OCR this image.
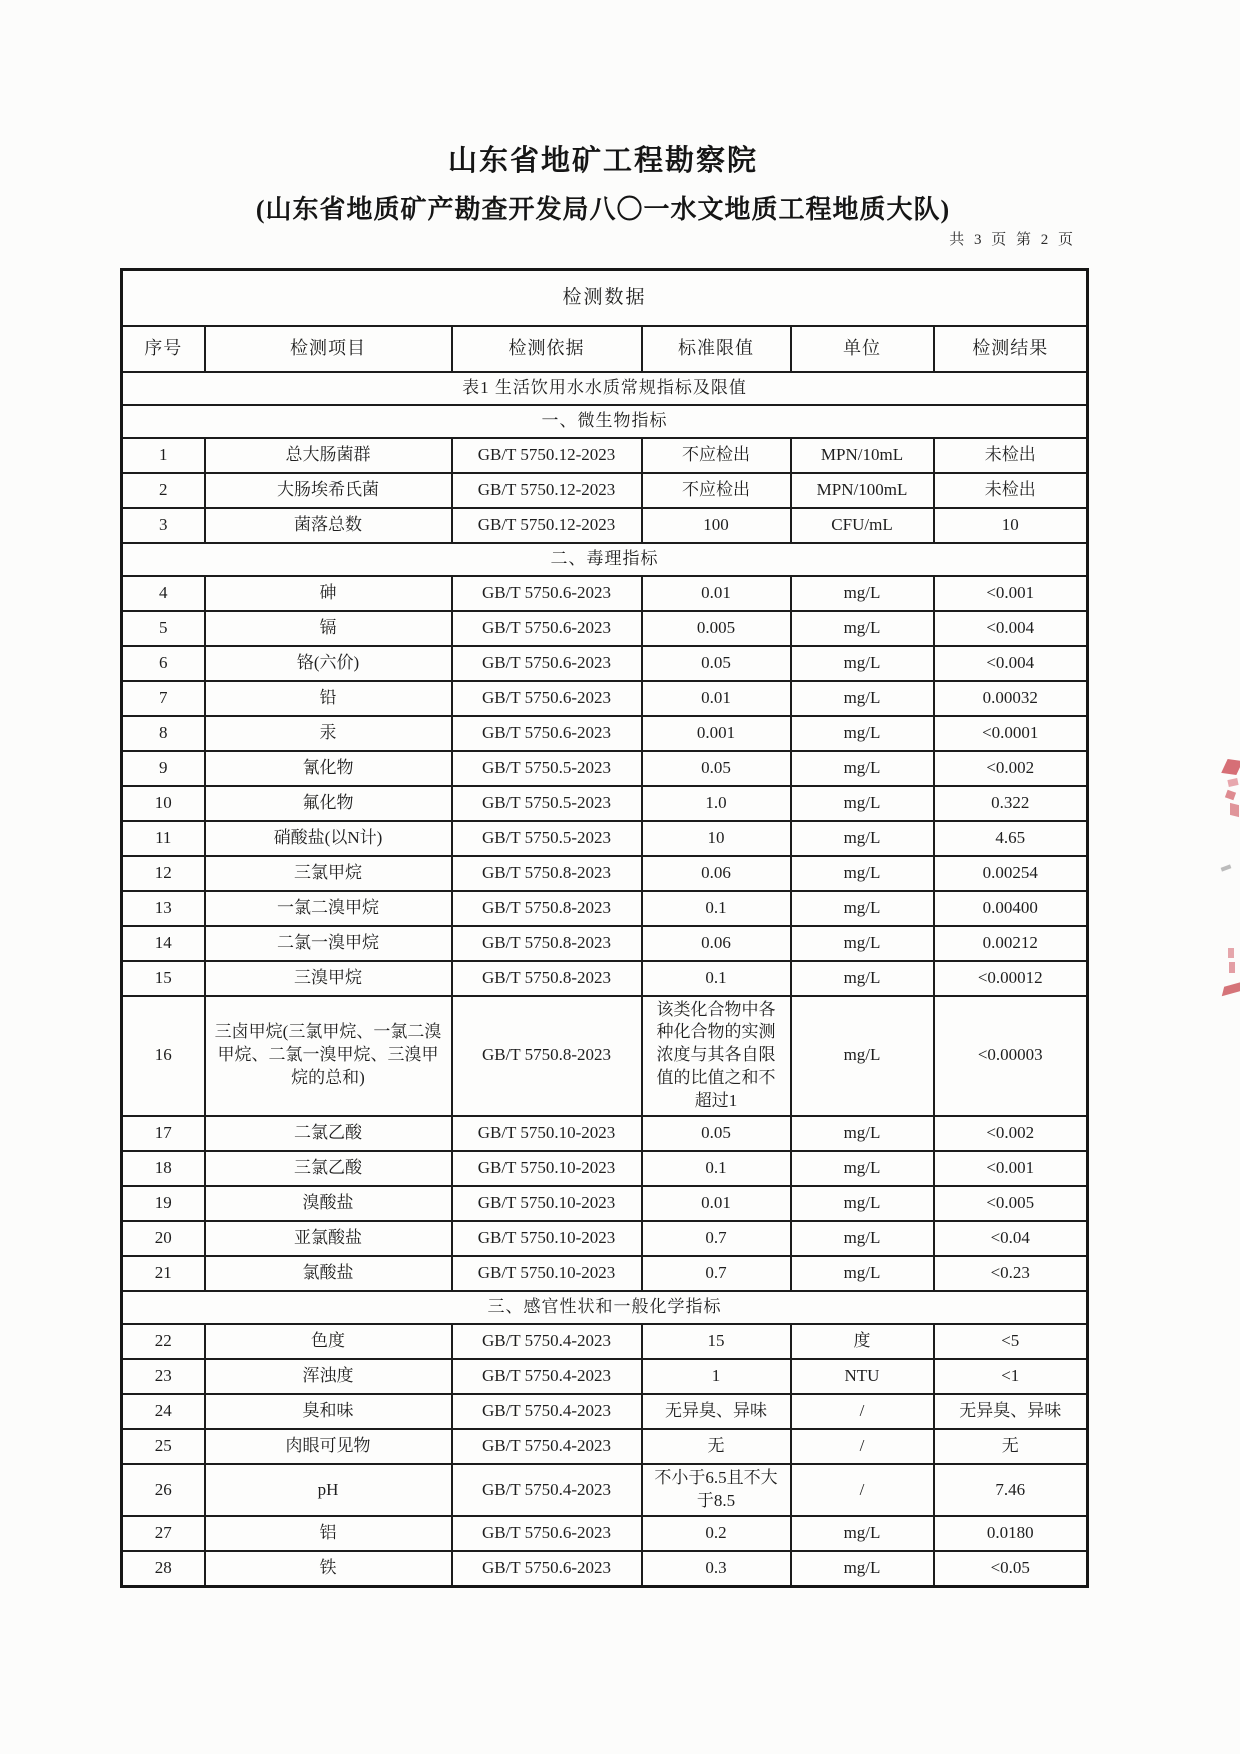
山东省地矿工程勘察院
(山东省地质矿产勘查开发局八〇一水文地质工程地质大队)
共 3 页 第 2 页
检测数据					
序号	检测项目	检测依据	标准限值	单位	检测结果
表1 生活饮用水水质常规指标及限值					
一、微生物指标					
1	总大肠菌群	GB/T 5750.12-2023	不应检出	MPN/10mL	未检出
2	大肠埃希氏菌	GB/T 5750.12-2023	不应检出	MPN/100mL	未检出
3	菌落总数	GB/T 5750.12-2023	100	CFU/mL	10
二、毒理指标					
4	砷	GB/T 5750.6-2023	0.01	mg/L	<0.001
5	镉	GB/T 5750.6-2023	0.005	mg/L	<0.004
6	铬(六价)	GB/T 5750.6-2023	0.05	mg/L	<0.004
7	铅	GB/T 5750.6-2023	0.01	mg/L	0.00032
8	汞	GB/T 5750.6-2023	0.001	mg/L	<0.0001
9	氰化物	GB/T 5750.5-2023	0.05	mg/L	<0.002
10	氟化物	GB/T 5750.5-2023	1.0	mg/L	0.322
11	硝酸盐(以N计)	GB/T 5750.5-2023	10	mg/L	4.65
12	三氯甲烷	GB/T 5750.8-2023	0.06	mg/L	0.00254
13	一氯二溴甲烷	GB/T 5750.8-2023	0.1	mg/L	0.00400
14	二氯一溴甲烷	GB/T 5750.8-2023	0.06	mg/L	0.00212
15	三溴甲烷	GB/T 5750.8-2023	0.1	mg/L	<0.00012
16	三卤甲烷(三氯甲烷、一氯二溴甲烷、二氯一溴甲烷、三溴甲烷的总和)	GB/T 5750.8-2023	该类化合物中各种化合物的实测浓度与其各自限值的比值之和不超过1	mg/L	<0.00003
17	二氯乙酸	GB/T 5750.10-2023	0.05	mg/L	<0.002
18	三氯乙酸	GB/T 5750.10-2023	0.1	mg/L	<0.001
19	溴酸盐	GB/T 5750.10-2023	0.01	mg/L	<0.005
20	亚氯酸盐	GB/T 5750.10-2023	0.7	mg/L	<0.04
21	氯酸盐	GB/T 5750.10-2023	0.7	mg/L	<0.23
三、感官性状和一般化学指标					
22	色度	GB/T 5750.4-2023	15	度	<5
23	浑浊度	GB/T 5750.4-2023	1	NTU	<1
24	臭和味	GB/T 5750.4-2023	无异臭、异味	/	无异臭、异味
25	肉眼可见物	GB/T 5750.4-2023	无	/	无
26	pH	GB/T 5750.4-2023	不小于6.5且不大于8.5	/	7.46
27	铝	GB/T 5750.6-2023	0.2	mg/L	0.0180
28	铁	GB/T 5750.6-2023	0.3	mg/L	<0.05
